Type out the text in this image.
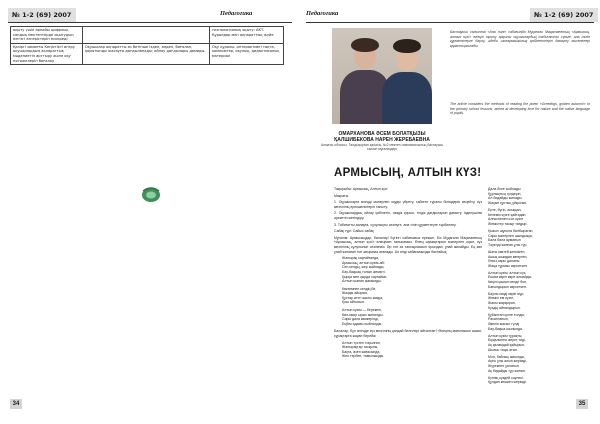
№ 1-2 (69) 2007	Педагогика
оқыту үшін арнайы цифрлық сандық мектептерде оқытудың негізгі өзгерістерін ескереді		технологиялық оқыту: АКТ. Құралдар мен ақпараттық жүйе
Қазіргі заманғы Кеңістікті игеру оқушылардың ақпараттық мәдениетін арттыру және оқу нәтижелерін бағалау	Оқушылар ақпаратты өз бетінше іздеп, өңдеп, бағалап, қорытынды жасауға дағдыланады; ойлау дағдылары дамиды.	Оқу құралы: интерактивті тақта, компьютер, оқулық, дидактикалық материал
34
Педагогика	№ 1-2 (69) 2007
ОМАРХАНОВА ӘСЕМ БОЛАТҚЫЗЫ ҚАЛШИБЕКОВА НАРЕН ЖЕРЕБАЕВНА
Алматы облысы, Талдықорған қаласы, №2 мектеп-гимназиясының бастауыш сынып мұғалімдері
Бастауыш сыныпта «Ана тілі» сабағында Мұқағали Мақатаевтың «Армысың, алтын күз!» өлеңін оқыту арқылы оқушылардың табиғатты сүюге, ана тілін құрметтеуге баулу, әдеби шығармашылық қабілеттерін дамыту мәселелері қарастырылады.
The article considers the methods of reading the poem «Greetings, golden autumn!» in the primary school lessons, aimed at developing love for nature and the native language of pupils.
АРМЫСЫҢ, АЛТЫН КҮЗ!

Тақырыбы: Армысың, Алтын күз!

Мақсаты:

1. Оқушыларға өлеңді мәнерлеп оқуды үйрету, табиғат туралы білімдерін кеңейту, күз мезгілінің ерекшеліктерін таныту.

2. Оқушылардың ойлау қабілетін, сөздік қорын, тілдік дағдыларын дамыту. Ізденушілік әрекетін жетілдіру.

3. Табиғатты аялауға, сұлулықты сезінуге, ана тілін құрметтеуге тәрбиелеу.

Сабақ түрі: Сайыс сабақ

Мұғалім: Армысыңдар, балалар! Бүгінгі сабағымыз ерекше. Біз Мұқағали Мақатаевтың «Армысың, алтын күз!» өлеңімен танысамыз. Өлең шумақтарын мәнерлеп оқып, күз мезгілінің сұлулығын сезінеміз. Әр топ өз тапсырмасын орындап, ұпай жинайды. Ең көп ұпай жинаған топ жеңімпаз атанады. Ал енді сабағымызды бастайық.

Жапырақ сарғайғанда,
Армысың, алтын күзім-ай!
Сен келдің, жер жайнады,
Бау-бақшаң толып жемісті.
Қырқа мен қырда сарғайып,
Алтын шапан жамылды.
Көктемнен келдің бе,
Жазды айырып,
Құстар кетті жылы жаққа,
Қош айтысып.
Алтын күзім — берекелі,
Көл-көсір ырыс жиналды.
Сары дала көмкерілді,
Еңбек адамы сыйланды.

Балалар, бұл өлеңде күз мезгілінің қандай белгілері айтылған? Өлеңнің мағынасын ашып, сұрақтарға жауап берейік:

Алтын түстен тоқылған,
Жапырақтар тасқыны,
Бақта, өзен жағасында,
Жел тербеп, тамылжыды.
Дала бізге сыйлады
Құрлықтың гүлдерін,
Ал бидайды жинады
Жақын құстың ұйқысын.
Ерте, бүгін, асыққан,
Келеміз күзге қайтадан.
Алғыспенен сол күзге
Жемістер тасыр тағдыр.
Қызыл шұғыла балбыраған,
Сары мәнерлеп шындыққа,
Бала бала арманын
Тәуелді жанған ұлы түр.
Шаты көктей жеткізген,
Ашық шымдап көгерген,
Әлсіз сары даланы
Жаңа тұрмыс көрсеткен.
Алтын күзім, алтын күз,
Ешкім көріп көре алмайды.
Көңілі қашан сенде боп,
Бағындырып көрсеткен.
Баулы көзді көріп жүр,
Жемісі ем күзге,
Жаны жарқырап,
Күздің айналдырып.
Құбылған күлге толды,
Рахатланып,
Әкеліп жасыл гүлді
Бау-бақша шынында.
Алтын күзім тұрақты,
Бірқалыпты жерге тиді,
Ақ қаламдай қайырып,
Шығыс таңы атып.
Мол, байлық аясында,
Ақты ұлы алып жерімді,
Жүрекпен ұялатып
Ақ бидайды тұр жинап.
Күннің күздей сәулесі,
Құлдан кешкен жерімді.
35
